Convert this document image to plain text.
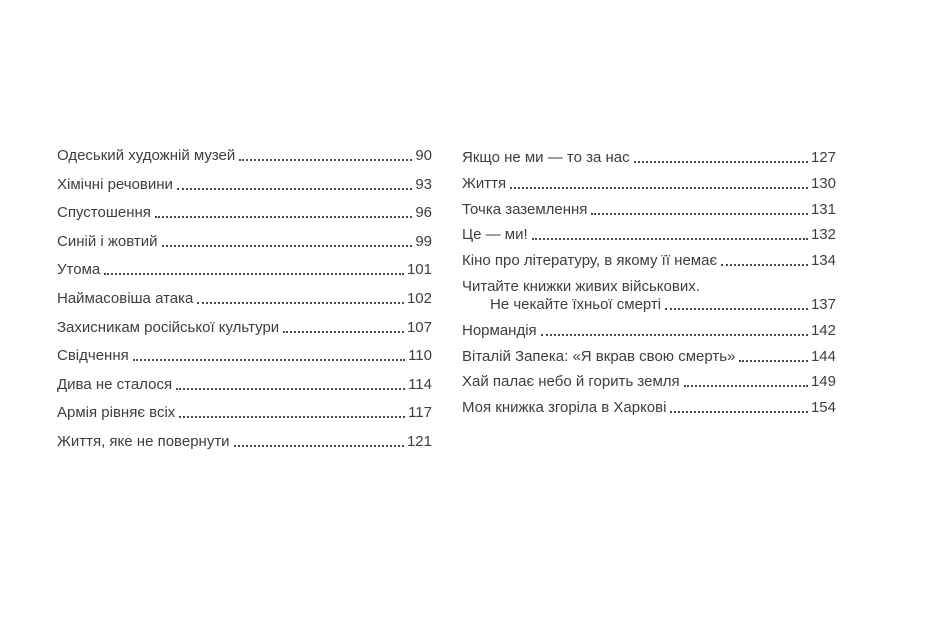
Одеський художній музей	90
Хімічні речовини	93
Спустошення	96
Синій і жовтий	99
Утома	101
Наймасовіша атака	102
Захисникам російської культури	107
Свідчення	110
Дива не сталося	114
Армія рівняє всіх	117
Життя, яке не повернути	121
Якщо не ми — то за нас	127
Життя	130
Точка заземлення	131
Це — ми!	132
Кіно про літературу, в якому її немає	134
Читайте книжки живих військових.
Не чекайте їхньої смерті	137
Нормандія	142
Віталій Запека: «Я вкрав свою смерть»	144
Хай палає небо й горить земля	149
Моя книжка згоріла в Харкові	154
